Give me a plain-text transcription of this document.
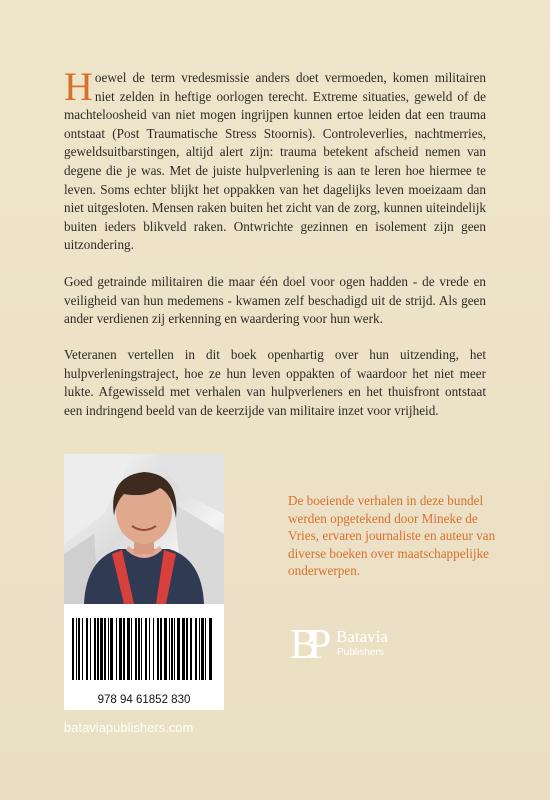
Hoewel de term vredesmissie anders doet vermoeden, komen militairen niet zelden in heftige oorlogen terecht. Extreme situaties, geweld of de machteloosheid van niet mogen ingrijpen kunnen ertoe leiden dat een trauma ontstaat (Post Traumatische Stress Stoornis). Controleverlies, nachtmerries, geweldsuitbarstingen, altijd alert zijn: trauma betekent afscheid nemen van degene die je was. Met de juiste hulpverlening is aan te leren hoe hiermee te leven. Soms echter blijkt het oppakken van het dagelijks leven moeizaam dan niet uitgesloten. Mensen raken buiten het zicht van de zorg, kunnen uiteindelijk buiten ieders blikveld raken. Ontwrichte gezinnen en isolement zijn geen uitzondering.
Goed getrainde militairen die maar één doel voor ogen hadden - de vrede en veiligheid van hun medemens - kwamen zelf beschadigd uit de strijd. Als geen ander verdienen zij erkenning en waardering voor hun werk.
Veteranen vertellen in dit boek openhartig over hun uitzending, het hulpverleningstraject, hoe ze hun leven oppakten of waardoor het niet meer lukte. Afgewisseld met verhalen van hulpverleners en het thuisfront ontstaat een indringend beeld van de keerzijde van militaire inzet voor vrijheid.
978 94 61852 830
De boeiende verhalen in deze bundel werden opgetekend door Mineke de Vries, ervaren journaliste en auteur van diverse boeken over maatschappelijke onderwerpen.
BP Batavia
Publishers
bataviapublishers.com
